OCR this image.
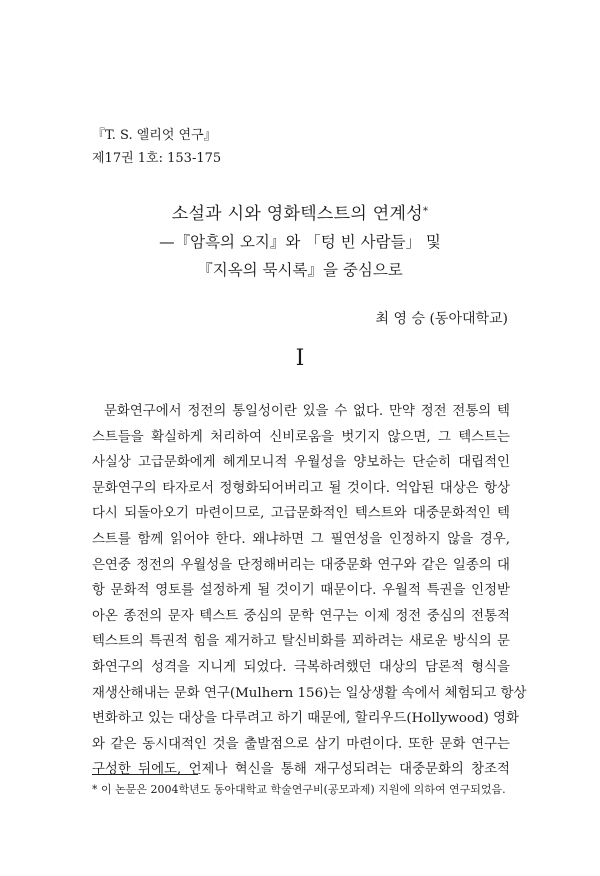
『T. S. 엘리엇 연구』
제17권 1호: 153-175
소설과 시와 영화텍스트의 연계성*
—『암흑의 오지』와 「텅 빈 사람들」 및
『지옥의 묵시록』을 중심으로
최 영 승 (동아대학교)
I
문화연구에서 정전의 통일성이란 있을 수 없다. 만약 정전 전통의 텍
스트들을 확실하게 처리하여 신비로움을 벗기지 않으면, 그 텍스트는
사실상 고급문화에게 헤게모니적 우월성을 양보하는 단순히 대립적인
문화연구의 타자로서 정형화되어버리고 될 것이다. 억압된 대상은 항상
다시 되돌아오기 마련이므로, 고급문화적인 텍스트와 대중문화적인 텍
스트를 함께 읽어야 한다. 왜냐하면 그 필연성을 인정하지 않을 경우,
은연중 정전의 우월성을 단정해버리는 대중문화 연구와 같은 일종의 대
항 문화적 영토를 설정하게 될 것이기 때문이다. 우월적 특권을 인정받
아온 종전의 문자 텍스트 중심의 문학 연구는 이제 정전 중심의 전통적
텍스트의 특권적 힘을 제거하고 탈신비화를 꾀하려는 새로운 방식의 문
화연구의 성격을 지니게 되었다. 극복하려했던 대상의 담론적 형식을
재생산해내는 문화 연구(Mulhern 156)는 일상생활 속에서 체험되고 항상
변화하고 있는 대상을 다루려고 하기 때문에, 할리우드(Hollywood) 영화
와 같은 동시대적인 것을 출발점으로 삼기 마련이다. 또한 문화 연구는
구성한 뒤에도, 언제나 혁신을 통해 재구성되려는 대중문화의 창조적
* 이 논문은 2004학년도 동아대학교 학술연구비(공모과제) 지원에 의하여 연구되었음.
